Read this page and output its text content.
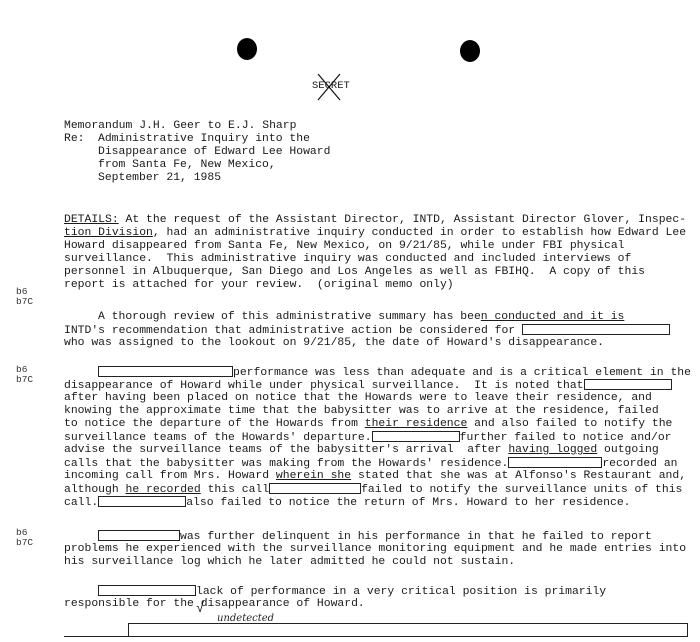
SECRET
Memorandum J.H. Geer to E.J. Sharp
Re:	Administrative Inquiry into the
Disappearance of Edward Lee Howard
from Santa Fe, New Mexico,
September 21, 1985
DETAILS: At the request of the Assistant Director, INTD, Assistant Director Glover, Inspec-
tion Division, had an administrative inquiry conducted in order to establish how Edward Lee
Howard disappeared from Santa Fe, New Mexico, on 9/21/85, while under FBI physical
surveillance.  This administrative inquiry was conducted and included interviews of
personnel in Albuquerque, San Diego and Los Angeles as well as FBIHQ.  A copy of this
report is attached for your review.  (original memo only)
b6
b7C
A thorough review of this administrative summary has been conducted and it is
INTD's recommendation that administrative action be considered for
who was assigned to the lookout on 9/21/85, the date of Howard's disappearance.
b6
b7C
performance was less than adequate and is a critical element in the
disappearance of Howard while under physical surveillance.  It is noted that
after having been placed on notice that the Howards were to leave their residence, and
knowing the approximate time that the babysitter was to arrive at the residence, failed
to notice the departure of the Howards from their residence and also failed to notify the
surveillance teams of the Howards' departure.	further failed to notice and/or
advise the surveillance teams of the babysitter's arrival  after having logged outgoing
calls that the babysitter was making from the Howards' residence.	recorded an
incoming call from Mrs. Howard wherein she stated that she was at Alfonso's Restaurant and,
although he recorded this call	failed to notify the surveillance units of this
call.	also failed to notice the return of Mrs. Howard to her residence.
b6
b7C	was further delinquent in his performance in that he failed to report
problems he experienced with the surveillance monitoring equipment and he made entries into
his surveillance log which he later admitted he could not sustain.
lack of performance in a very critical position is primarily
responsible for the disappearance of Howard.
√
undetected
